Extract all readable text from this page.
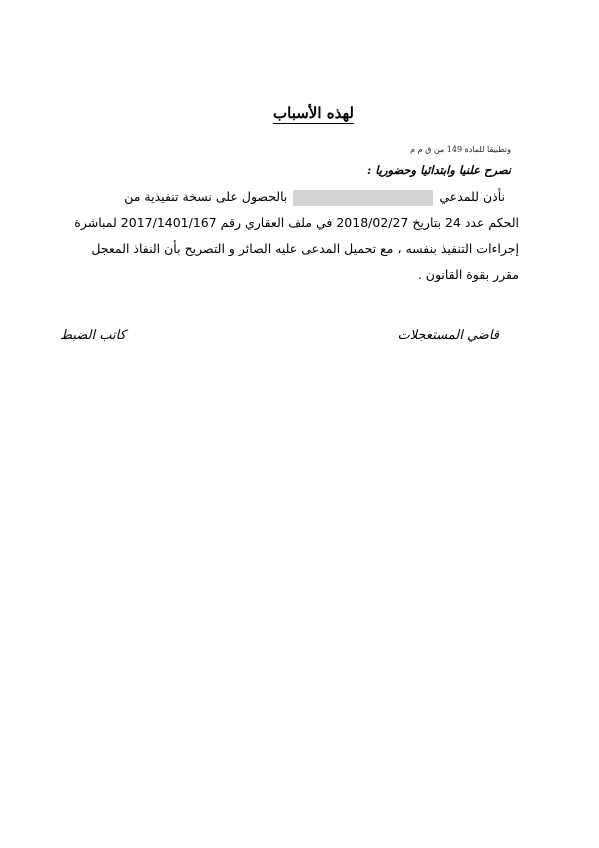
لهذه الأسباب
وتطبيقا للمادة 149 من ق م م
نصرح علنيا وابتدائيا وحضوريا :
نأذن للمدعي  بالحصول على نسخة تنفيذية من
الحكم عدد 24 بتاريخ 2018/02/27 في ملف العقاري رقم 2017/1401/167 لمباشرة
إجراءات التنفيذ بنفسه ، مع تحميل المدعى عليه الصائر و التصريح بأن النفاذ المعجل
مقرر بقوة القانون .
قاضي المستعجلات
كاتب الضبط
